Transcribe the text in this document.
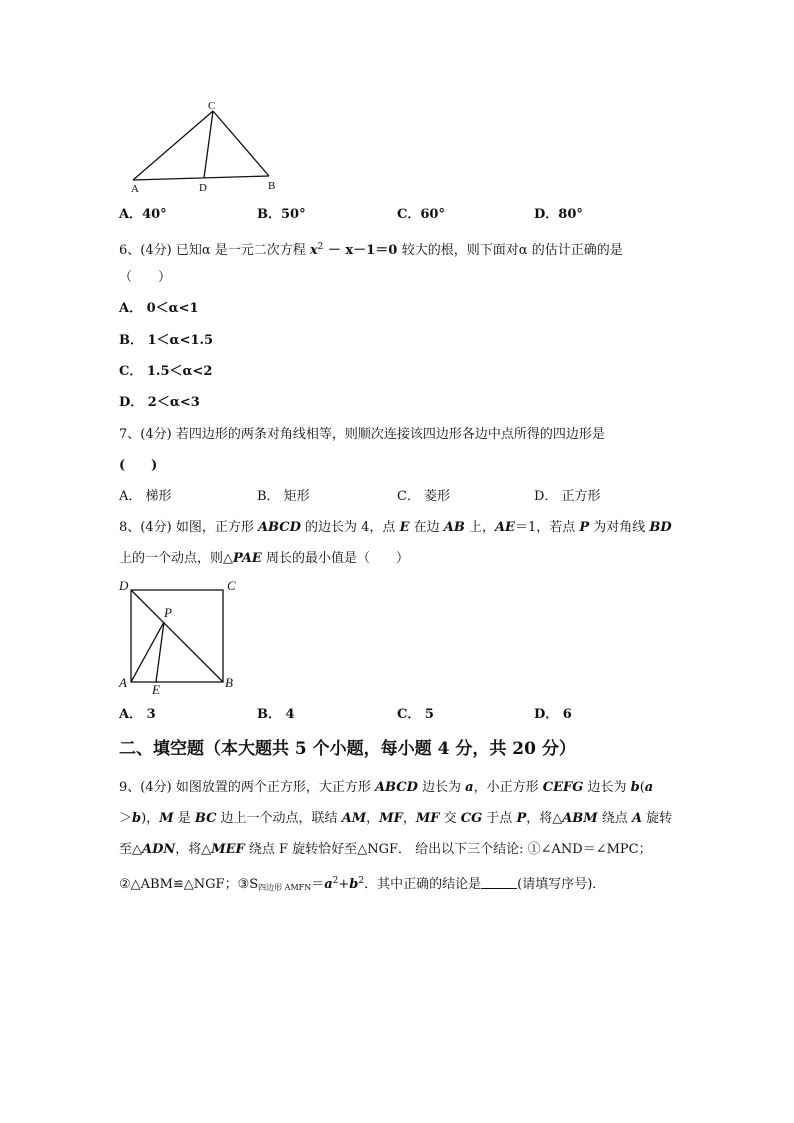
C
A	D	B
A．40°	B．50°	C．60°	D．80°
6、(4分) 已知α 是一元二次方程 $x^2 - x-1=0$ 较大的根，则下面对α 的估计正确的是
（　　）
A． 0＜α<1
B． 1＜α<1.5
C． 1.5＜α<2
D． 2＜α<3
7、(4分) 若四边形的两条对角线相等，则顺次连接该四边形各边中点所得的四边形是
(　　)
A． 梯形	B． 矩形	C． 菱形	D． 正方形
8、(4分) 如图，正方形 ABCD 的边长为 4，点 E 在边 AB 上，AE＝1，若点 P 为对角线 BD
上的一个动点，则△PAE 周长的最小值是（　　）
D	C
P
A E	B
A． 3	B． 4	C． 5	D． 6
二、填空题（本大题共 5 个小题，每小题 4 分，共 20 分）
9、(4分) 如图放置的两个正方形，大正方形 ABCD 边长为 a，小正方形 CEFG 边长为 b(a
＞b)，M 是 BC 边上一个动点，联结 AM，MF，MF 交 CG 于点 P，将△ABM 绕点 A 旋转
至△ADN，将△MEF 绕点 F 旋转恰好至△NGF． 给出以下三个结论: ①∠AND＝∠MPC；
②△ABM≌△NGF；$③S_{四边形 AMFN}=a^2+b^2$．其中正确的结论是	(请填写序号)．
